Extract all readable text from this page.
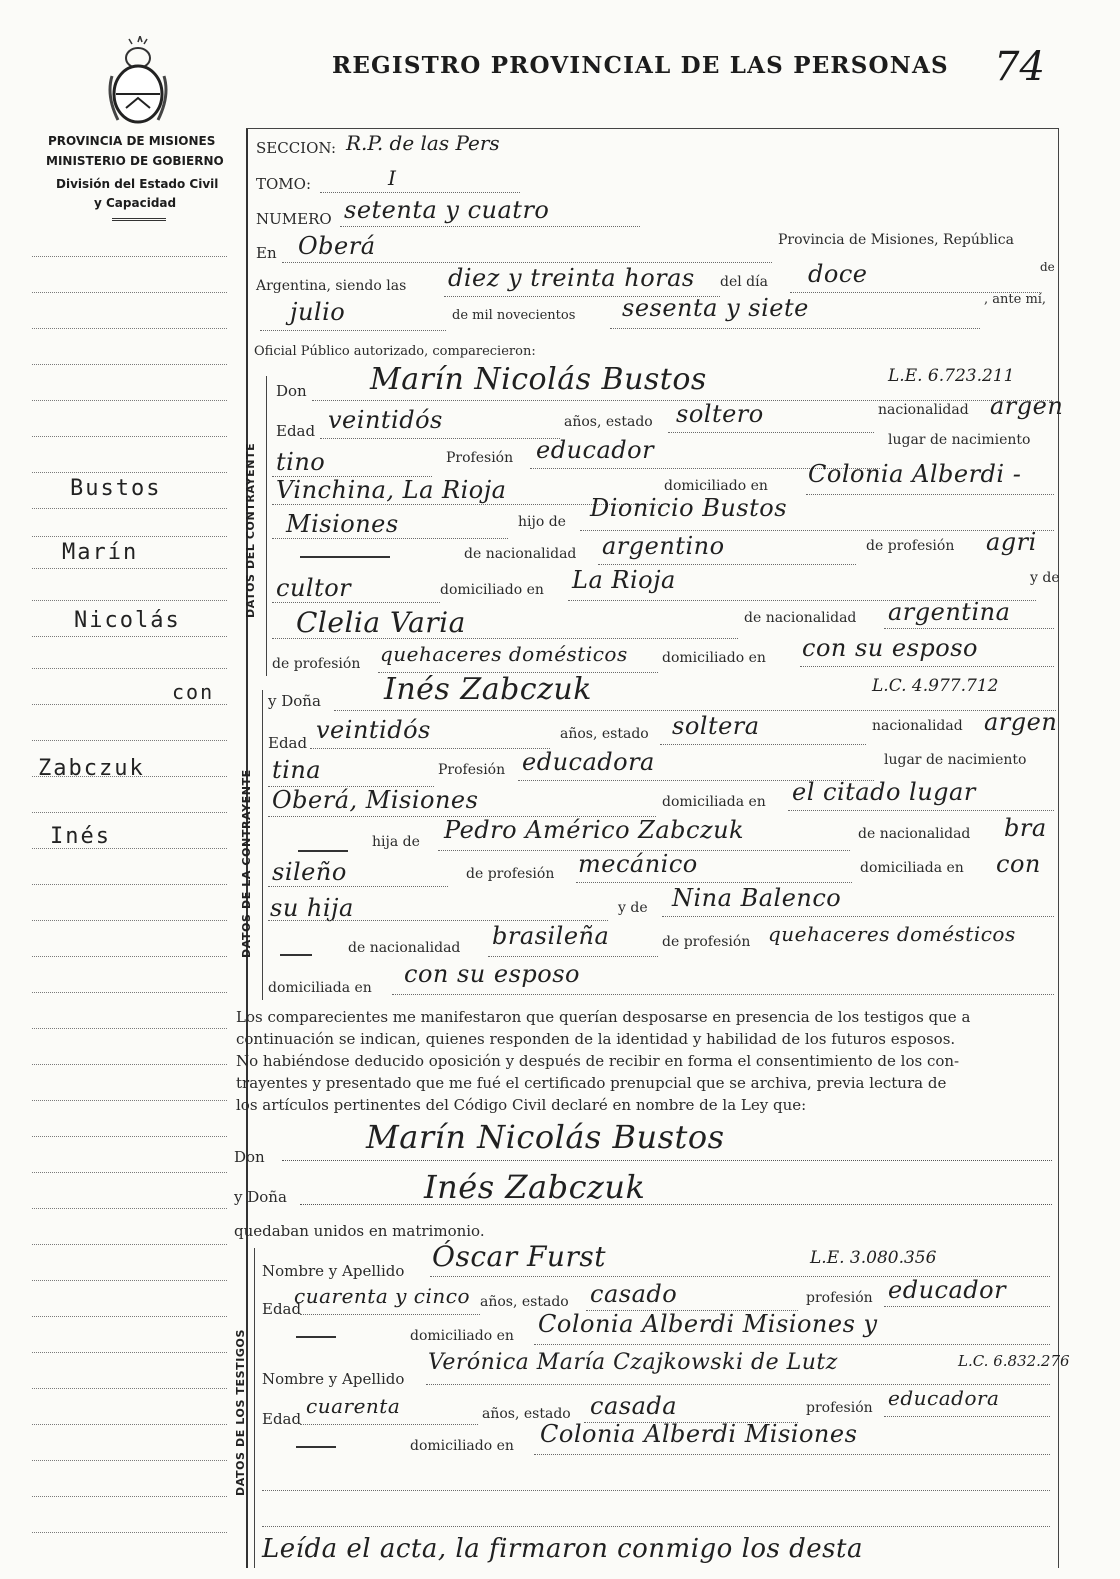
PROVINCIA DE MISIONES
MINISTERIO DE GOBIERNO
División del Estado Civil
y Capacidad
REGISTRO PROVINCIAL DE LAS PERSONAS 74
Bustos
Marín
Nicolás
con
Zabczuk
Inés
SECCION: R.P. de las Pers
TOMO:	I
NUMERO setenta y cuatro
En Oberá	Provincia de Misiones, República
Argentina, siendo las diez y treinta horas del día doce	de
julio	de mil novecientos sesenta y siete	, ante mí,
Oficial Público autorizado, comparecieron:
DATOS DEL CONTRAYENTE
Don Marín Nicolás Bustos	L.E. 6.723.211
Edad veintidós	años, estado soltero	nacionalidad argen
tino	Profesión educador	lugar de nacimiento
Vinchina, La Rioja	domiciliado en Colonia Alberdi -
Misiones	hijo de Dionicio Bustos
de nacionalidad argentino	de profesión agri
cultor	domiciliado en La Rioja	y de
Clelia Varia	de nacionalidad argentina
de profesión quehaceres domésticos domiciliado en con su esposo
DATOS DE LA CONTRAYENTE
y Doña Inés Zabczuk	L.C. 4.977.712
Edad veintidós	años, estado soltera	nacionalidad argen
tina	Profesión educadora	lugar de nacimiento
Oberá, Misiones	domiciliada en el citado lugar
hija de Pedro Américo Zabczuk	de nacionalidad bra
sileño	de profesión mecánico	domiciliada en con
su hija	y de Nina Balenco
de nacionalidad brasileña	de profesión quehaceres domésticos
domiciliada en con su esposo
Los comparecientes me manifestaron que querían desposarse en presencia de los testigos que a
continuación se indican, quienes responden de la identidad y habilidad de los futuros esposos.
No habiéndose deducido oposición y después de recibir en forma el consentimiento de los con-
trayentes y presentado que me fué el certificado prenupcial que se archiva, previa lectura de
los artículos pertinentes del Código Civil declaré en nombre de la Ley que:
Don
Marín Nicolás Bustos
y Doña	Inés Zabczuk
quedaban unidos en matrimonio.
DATOS DE LOS TESTIGOS
Nombre y Apellido Óscar Furst	L.E. 3.080.356
Edad
cuarenta y cinco años, estado casado	profesión educador
domiciliado en Colonia Alberdi Misiones y
Nombre y Apellido
Verónica María Czajkowski de Lutz	L.C. 6.832.276
Edad
cuarenta	años, estado casada	profesión educadora
domiciliado en Colonia Alberdi Misiones
Leída el acta, la firmaron conmigo los desta
